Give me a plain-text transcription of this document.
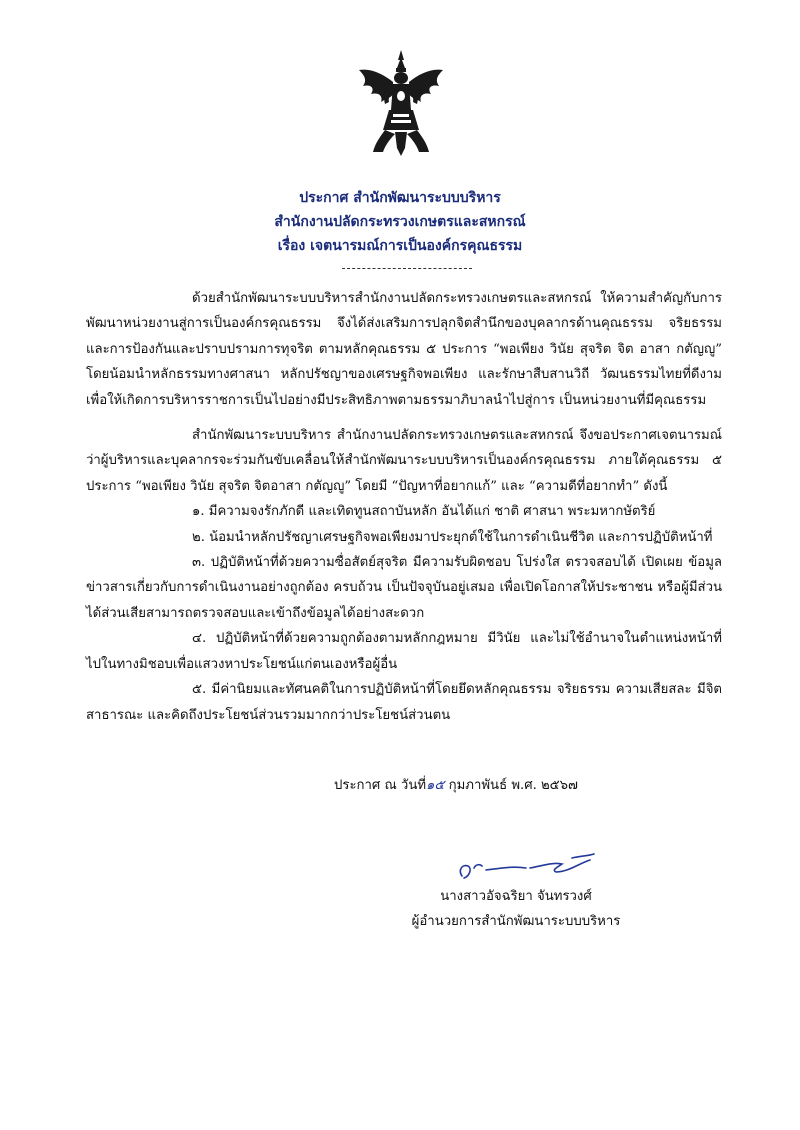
ประกาศ สำนักพัฒนาระบบบริหาร
สำนักงานปลัดกระทรวงเกษตรและสหกรณ์
เรื่อง เจตนารมณ์การเป็นองค์กรคุณธรรม

ด้วยสำนักพัฒนาระบบบริหารสำนักงานปลัดกระทรวงเกษตรและสหกรณ์ ให้ความสำคัญกับการพัฒนาหน่วยงานสู่การเป็นองค์กรคุณธรรม จึงได้ส่งเสริมการปลุกจิตสำนึกของบุคลากรด้านคุณธรรม จริยธรรม และการป้องกันและปราบปรามการทุจริต ตามหลักคุณธรรม ๕ ประการ “พอเพียง วินัย สุจริต จิต อาสา กตัญญู” โดยน้อมนำหลักธรรมทางศาสนา หลักปรัชญาของเศรษฐกิจพอเพียง และรักษาสืบสานวิถี วัฒนธรรมไทยที่ดีงาม เพื่อให้เกิดการบริหารราชการเป็นไปอย่างมีประสิทธิภาพตามธรรมาภิบาลนำไปสู่การ เป็นหน่วยงานที่มีคุณธรรม

สำนักพัฒนาระบบบริหาร สำนักงานปลัดกระทรวงเกษตรและสหกรณ์ จึงขอประกาศเจตนารมณ์ ว่าผู้บริหารและบุคลากรจะร่วมกันขับเคลื่อนให้สำนักพัฒนาระบบบริหารเป็นองค์กรคุณธรรม ภายใต้คุณธรรม ๕ ประการ “พอเพียง วินัย สุจริต จิตอาสา กตัญญู” โดยมี “ปัญหาที่อยากแก้” และ “ความดีที่อยากทำ” ดังนี้

๑. มีความจงรักภักดี และเทิดทูนสถาบันหลัก อันได้แก่ ชาติ ศาสนา พระมหากษัตริย์

๒. น้อมนำหลักปรัชญาเศรษฐกิจพอเพียงมาประยุกต์ใช้ในการดำเนินชีวิต และการปฏิบัติหน้าที่

๓. ปฏิบัติหน้าที่ด้วยความซื่อสัตย์สุจริต มีความรับผิดชอบ โปร่งใส ตรวจสอบได้ เปิดเผย ข้อมูลข่าวสารเกี่ยวกับการดำเนินงานอย่างถูกต้อง ครบถ้วน เป็นปัจจุบันอยู่เสมอ เพื่อเปิดโอกาสให้ประชาชน หรือผู้มีส่วนได้ส่วนเสียสามารถตรวจสอบและเข้าถึงข้อมูลได้อย่างสะดวก

๔. ปฏิบัติหน้าที่ด้วยความถูกต้องตามหลักกฎหมาย มีวินัย และไม่ใช้อำนาจในตำแหน่งหน้าที่ ไปในทางมิชอบเพื่อแสวงหาประโยชน์แก่ตนเองหรือผู้อื่น

๕. มีค่านิยมและทัศนคติในการปฏิบัติหน้าที่โดยยึดหลักคุณธรรม จริยธรรม ความเสียสละ มีจิตสาธารณะ และคิดถึงประโยชน์ส่วนรวมมากกว่าประโยชน์ส่วนตน

ประกาศ ณ วันที่๑๕ กุมภาพันธ์ พ.ศ. ๒๕๖๗
นางสาวอัจฉริยา จันทรวงศ์
ผู้อำนวยการสำนักพัฒนาระบบบริหาร
